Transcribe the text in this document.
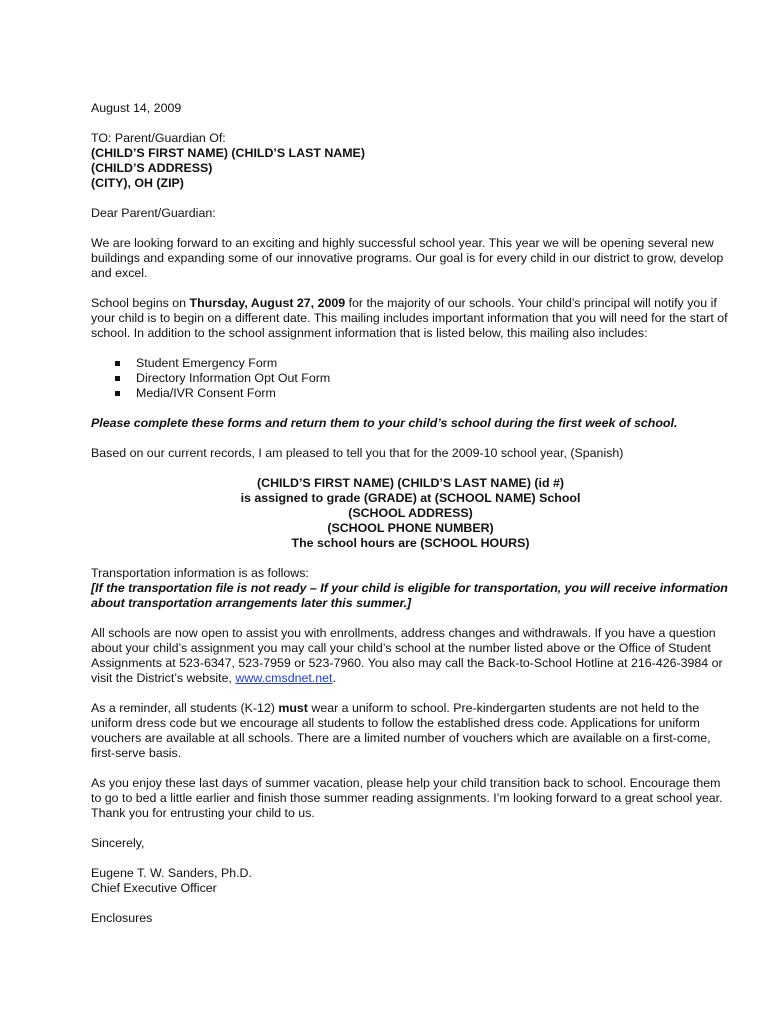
August 14, 2009

TO: Parent/Guardian Of:
(CHILD’S FIRST NAME) (CHILD’S LAST NAME)
(CHILD’S ADDRESS)
(CITY), OH (ZIP)

Dear Parent/Guardian:

We are looking forward to an exciting and highly successful school year. This year we will be opening several new buildings and expanding some of our innovative programs. Our goal is for every child in our district to grow, develop and excel.

School begins on Thursday, August 27, 2009 for the majority of our schools. Your child’s principal will notify you if your child is to begin on a different date. This mailing includes important information that you will need for the start of school. In addition to the school assignment information that is listed below, this mailing also includes:

Student Emergency Form
Directory Information Opt Out Form
Media/IVR Consent Form

Please complete these forms and return them to your child’s school during the first week of school.

Based on our current records, I am pleased to tell you that for the 2009-10 school year, (Spanish)

(CHILD’S FIRST NAME) (CHILD’S LAST NAME) (id #)
is assigned to grade (GRADE) at (SCHOOL NAME) School
(SCHOOL ADDRESS)
(SCHOOL PHONE NUMBER)
The school hours are (SCHOOL HOURS)
Transportation information is as follows:
[If the transportation file is not ready – If your child is eligible for transportation, you will receive information about transportation arrangements later this summer.]

All schools are now open to assist you with enrollments, address changes and withdrawals. If you have a question about your child’s assignment you may call your child’s school at the number listed above or the Office of Student Assignments at 523-6347, 523-7959 or 523-7960. You also may call the Back-to-School Hotline at 216-426-3984 or visit the District’s website, www.cmsdnet.net.

As a reminder, all students (K-12) must wear a uniform to school. Pre-kindergarten students are not held to the uniform dress code but we encourage all students to follow the established dress code. Applications for uniform vouchers are available at all schools. There are a limited number of vouchers which are available on a first-come, first-serve basis.

As you enjoy these last days of summer vacation, please help your child transition back to school. Encourage them to go to bed a little earlier and finish those summer reading assignments. I’m looking forward to a great school year. Thank you for entrusting your child to us.

Sincerely,

Eugene T. W. Sanders, Ph.D.
Chief Executive Officer

Enclosures
